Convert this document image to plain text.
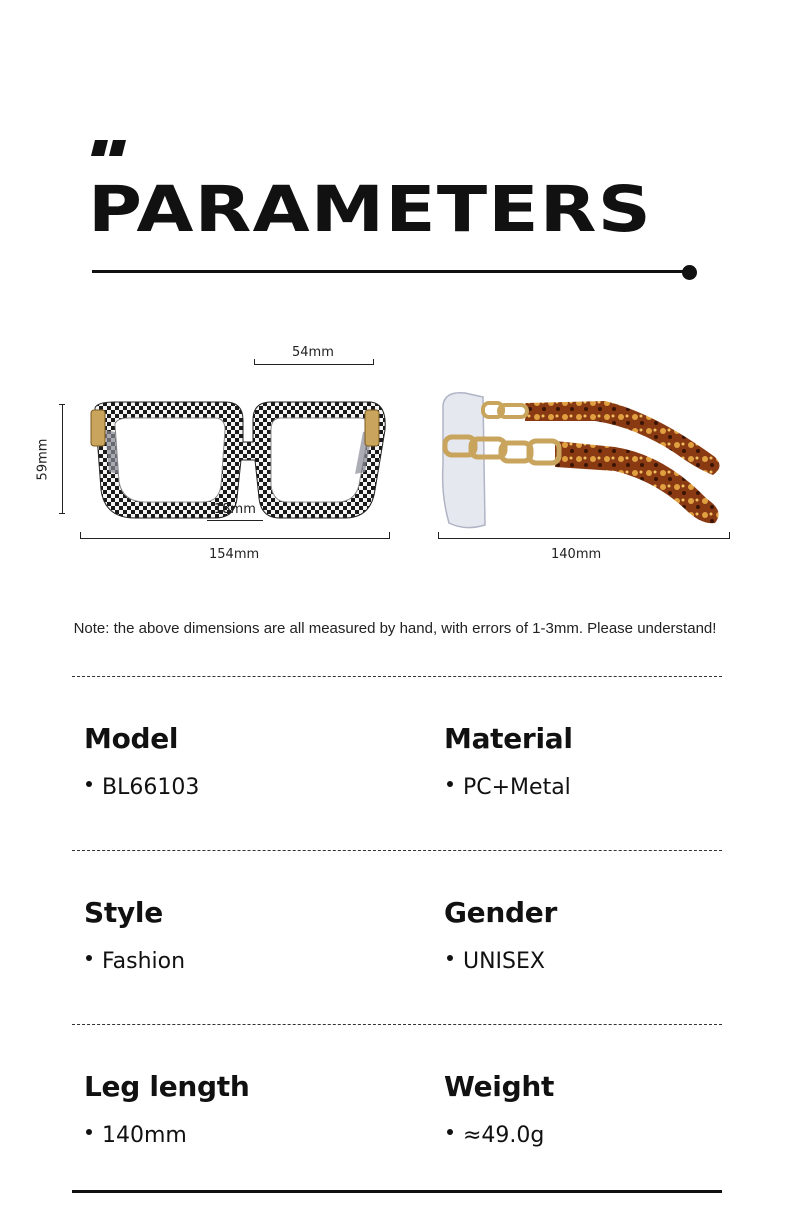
PARAMETERS
54mm
59mm
18mm
154mm	140mm
Note: the above dimensions are all measured by hand, with errors of 1-3mm. Please understand!
Model
BL66103
Material
PC+Metal
Style
Fashion
Gender
UNISEX
Leg length
140mm
Weight
≈49.0g
